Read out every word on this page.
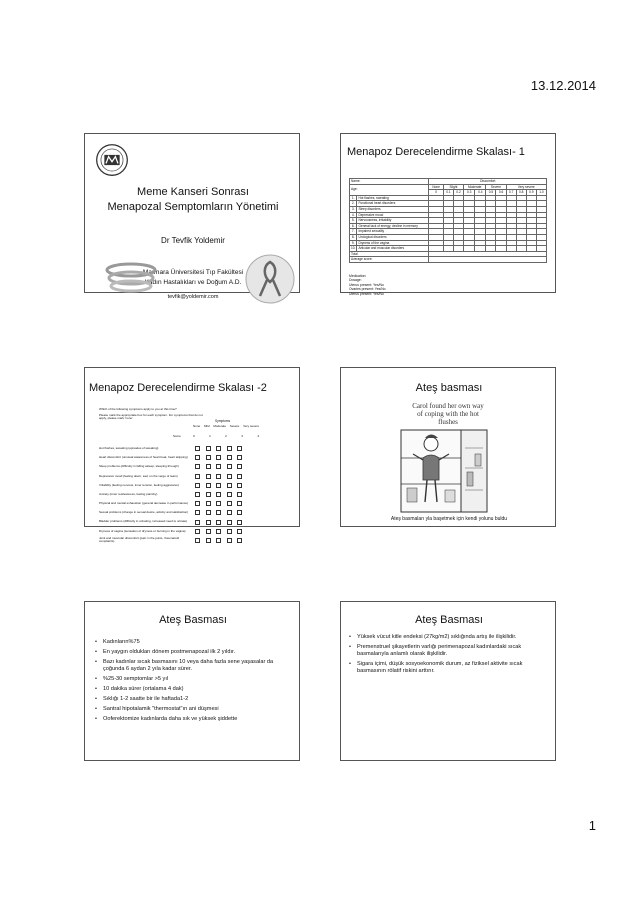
13.12.2014
Meme Kanseri Sonrası
Menapozal Semptomların Yönetimi
Dr Tevfik Yoldemir
Marmara Üniversitesi Tıp Fakültesi
Kadın Hastalıkları ve Doğum A.D.
tevfik@yoldemir.com
Menapoz Derecelendirme Skalası- 1
Name:		Discomfort										
Age:		None	Slight		Moderate		Severe		Very severe			
		0	0.1	0.2	0.3	0.4	0.5	0.6	0.7	0.8	0.9	1.0
1.	Hot flashes, sweating											
2.	Functional heart disorders											
3.	Sleep disorders											
4.	Depressive mood											
5.	Nervousness, irritability											
6.	General lack of energy, decline in memory											
7.	Impaired sexuality											
8.	Urological disorders											
9.	Dryness of the vagina											
10.	Articular and muscular disorders											
Total												
Average score:												
Medication:
Dosage:
Uterus present: Yes/No
Ovaries present: Yes/No
Uterus present: Yes/No
Menapoz Derecelendirme Skalası -2
Which of the following symptoms apply to you at this time?
Please mark the appropriate box for each symptom. For symptoms that do not apply, please mark 'none'.
Symptoms
None Mild Moderate Severe Very severe
Score	0	1	2	3	4
Hot flushes, sweating (episodes of sweating)
Heart discomfort (unusual awareness of heart beat, heart skipping)
Sleep problems (difficulty in falling asleep, sleeping through)
Depressive mood (feeling down, sad, on the verge of tears)
Irritability (feeling nervous, inner tension, feeling aggressive)
Anxiety (inner restlessness, feeling panicky)
Physical and mental exhaustion (general decrease in performance)
Sexual problems (change in sexual desire, activity and satisfaction)
Bladder problems (difficulty in urinating, increased need to urinate)
Dryness of vagina (sensation of dryness or burning in the vagina)
Joint and muscular discomfort (pain in the joints, rheumatoid complaints)
Ateş basması
Carol found her own way
of coping with the hot
flushes
Ateş basmaları yla başetmek için kendi yolunu buldu
Ateş Basması
• Kadınların%75
• En yaygın oldukları dönem postmenapozal ilk 2 yıldır.
• Bazı kadınlar sıcak basmasını 10 veya daha fazla sene yaşasalar da çoğunda 6 aydan 2 yıla kadar sürer.
• %25-30 semptomlar >5 yıl
• 10 dakika sürer (ortalama 4 dak)
• Sıklığı 1-2 saatte bir ile haftada1-2
• Santral hipotalamik "thermostat"ın ani düşmesi
• Ooferektomize kadınlarda daha sık ve yüksek şiddette
Ateş Basması
• Yüksek vücut kitle endeksi (27kg/m2) sıklığında artış ile ilişkilidir.
• Premenstruel şikayetlerin varlığı perimenapozal kadınlardaki sıcak basmalarıyla anlamlı olarak ilişkilidir.
• Sigara içimi, düşük sosyoekonomik durum, az fiziksel aktivite sıcak basmasının rölatif riskini arttırır.
1
